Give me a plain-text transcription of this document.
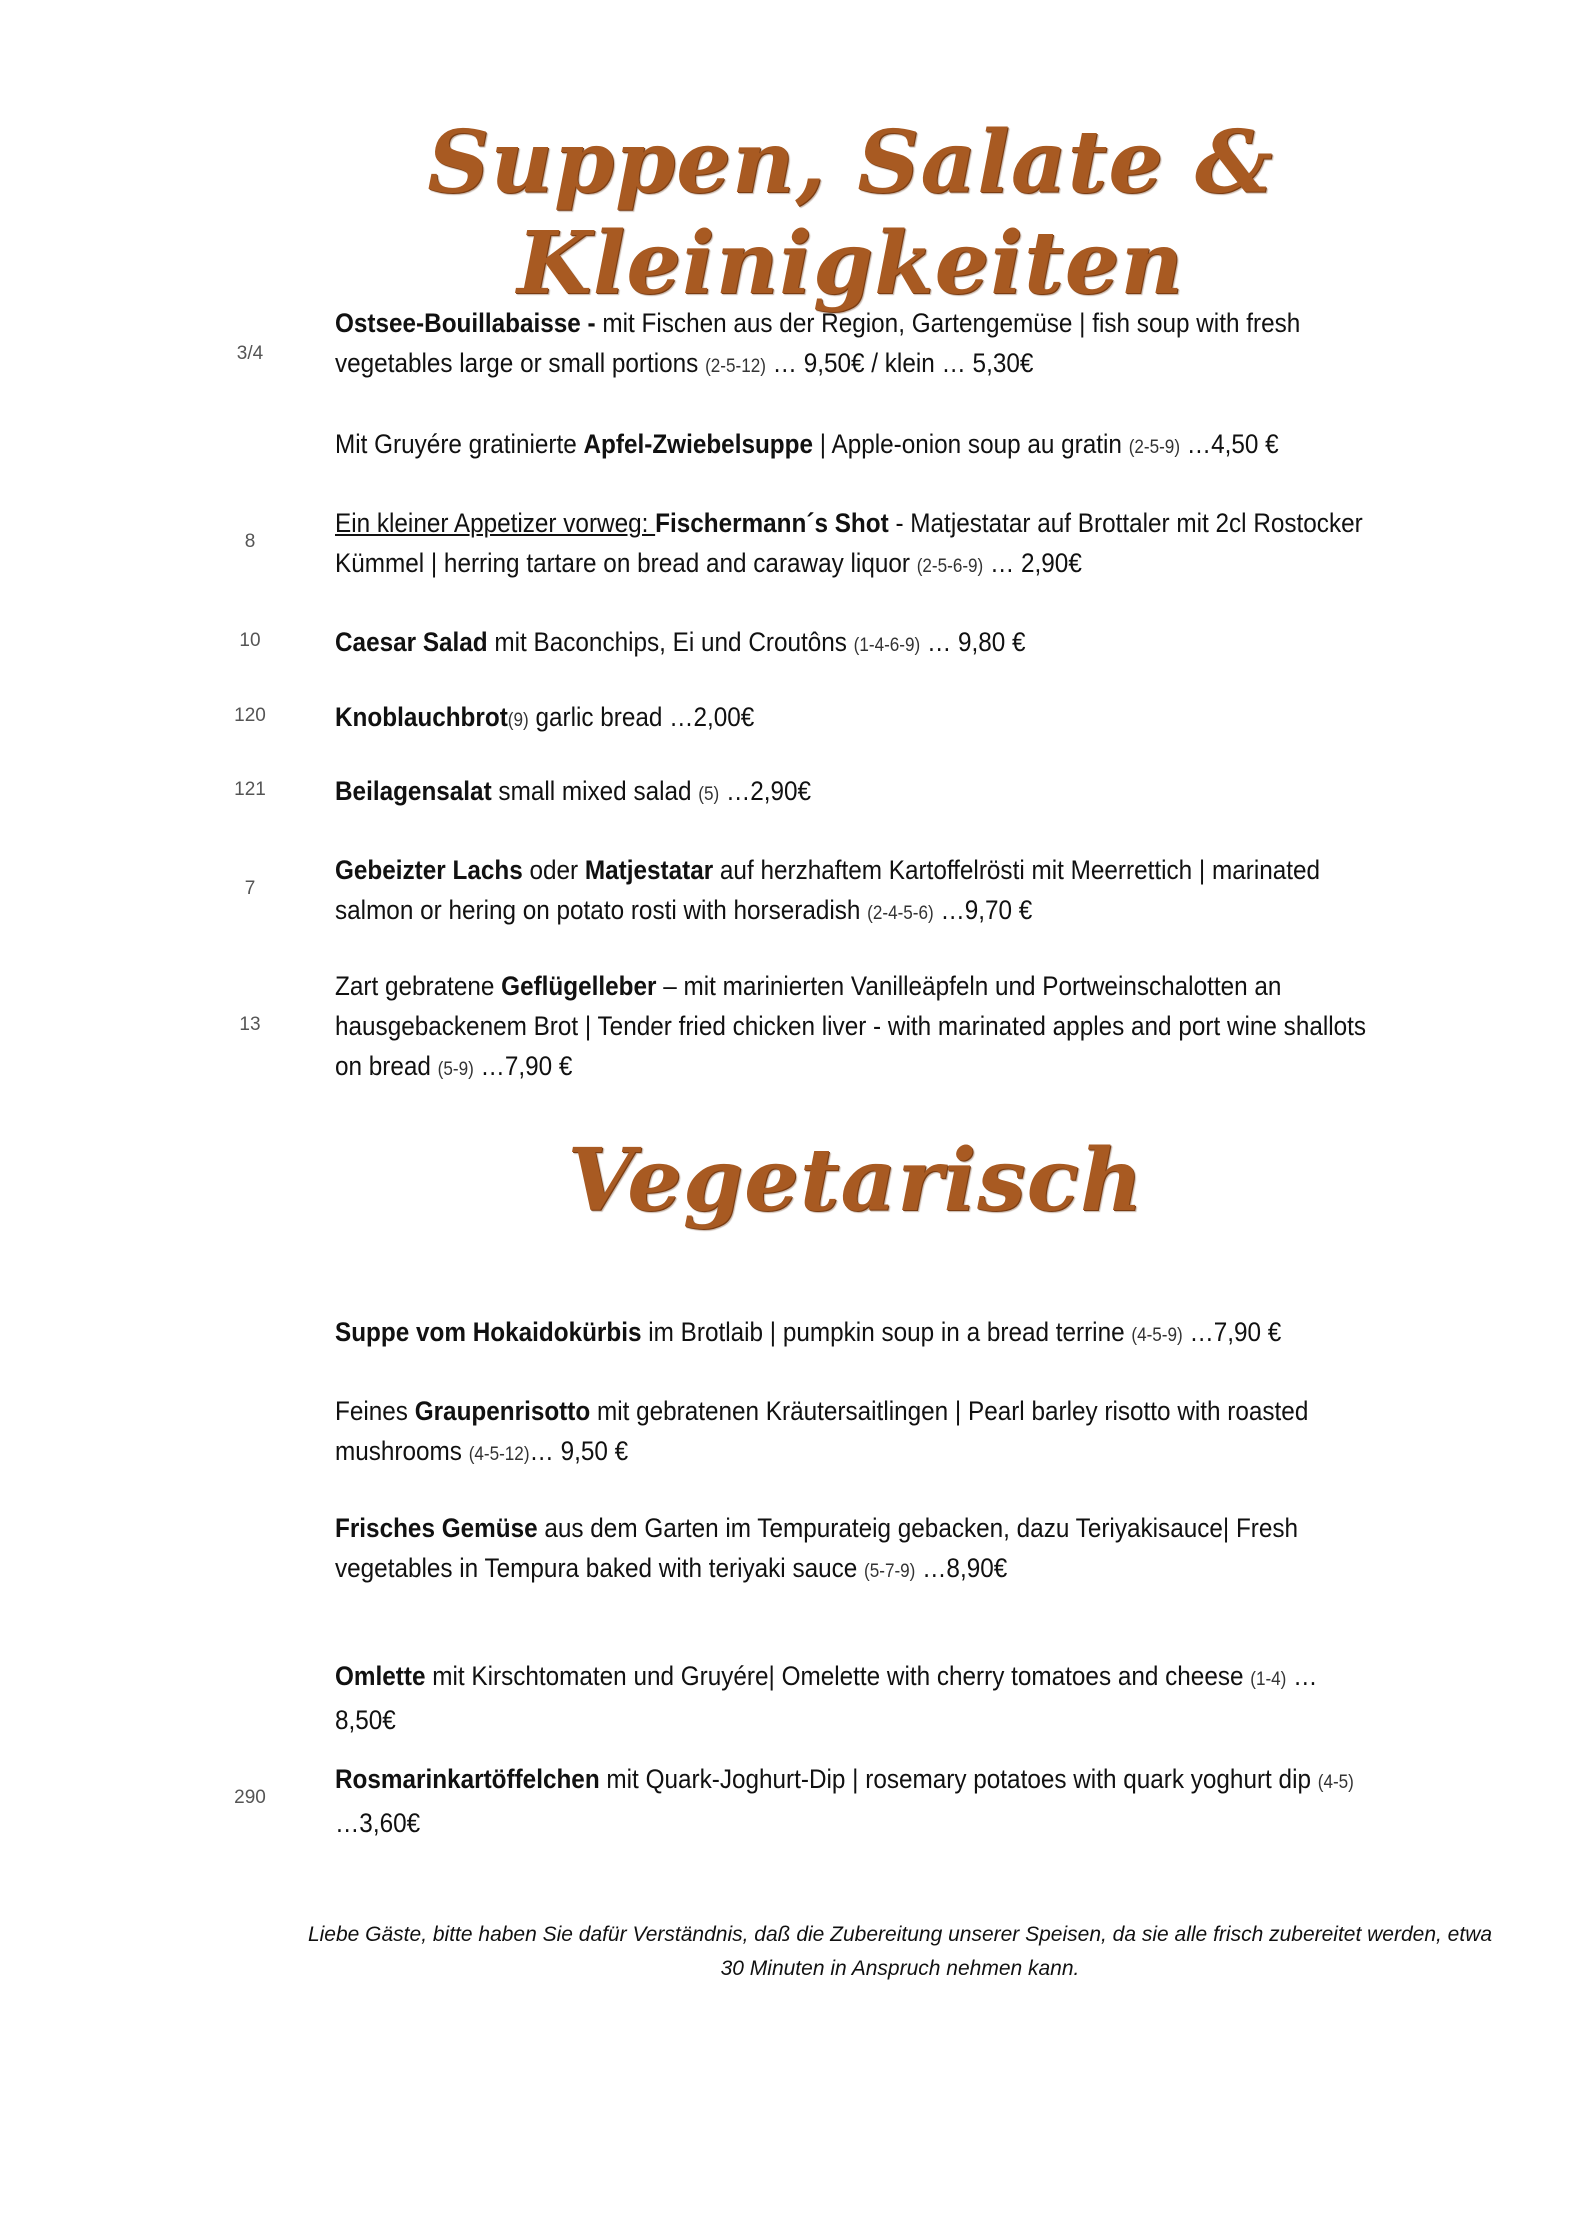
Suppen, Salate & Kleinigkeiten
3/4
Ostsee-Bouillabaisse - mit Fischen aus der Region, Gartengemüse | fish soup with fresh vegetables large or small portions (2-5-12) … 9,50€ / klein … 5,30€
Mit Gruyére gratinierte Apfel-Zwiebelsuppe | Apple-onion soup au gratin (2-5-9) …4,50 €
8
Ein kleiner Appetizer vorweg: Fischermann´s Shot - Matjestatar auf Brottaler mit 2cl Rostocker Kümmel | herring tartare on bread and caraway liquor (2-5-6-9) … 2,90€
10	Caesar Salad mit Baconchips, Ei und Croutôns (1-4-6-9) … 9,80 €
120	Knoblauchbrot(9) garlic bread …2,00€
121	Beilagensalat small mixed salad (5) …2,90€
7
Gebeizter Lachs oder Matjestatar auf herzhaftem Kartoffelrösti mit Meerrettich | marinated salmon or hering on potato rosti with horseradish (2-4-5-6) …9,70 €
13
Zart gebratene Geflügelleber – mit marinierten Vanilleäpfeln und Portweinschalotten an hausgebackenem Brot | Tender fried chicken liver - with marinated apples and port wine shallots on bread (5-9) …7,90 €
Vegetarisch
Suppe vom Hokaidokürbis im Brotlaib | pumpkin soup in a bread terrine (4-5-9) …7,90 €
Feines Graupenrisotto mit gebratenen Kräutersaitlingen | Pearl barley risotto with roasted mushrooms (4-5-12)… 9,50 €
Frisches Gemüse aus dem Garten im Tempurateig gebacken, dazu Teriyakisauce| Fresh vegetables in Tempura baked with teriyaki sauce (5-7-9) …8,90€
Omlette mit Kirschtomaten und Gruyére| Omelette with cherry tomatoes and cheese (1-4) …8,50€
290
Rosmarinkartöffelchen mit Quark-Joghurt-Dip | rosemary potatoes with quark yoghurt dip (4-5) …3,60€
Liebe Gäste, bitte haben Sie dafür Verständnis, daß die Zubereitung unserer Speisen, da sie alle frisch zubereitet werden, etwa 30 Minuten in Anspruch nehmen kann.
